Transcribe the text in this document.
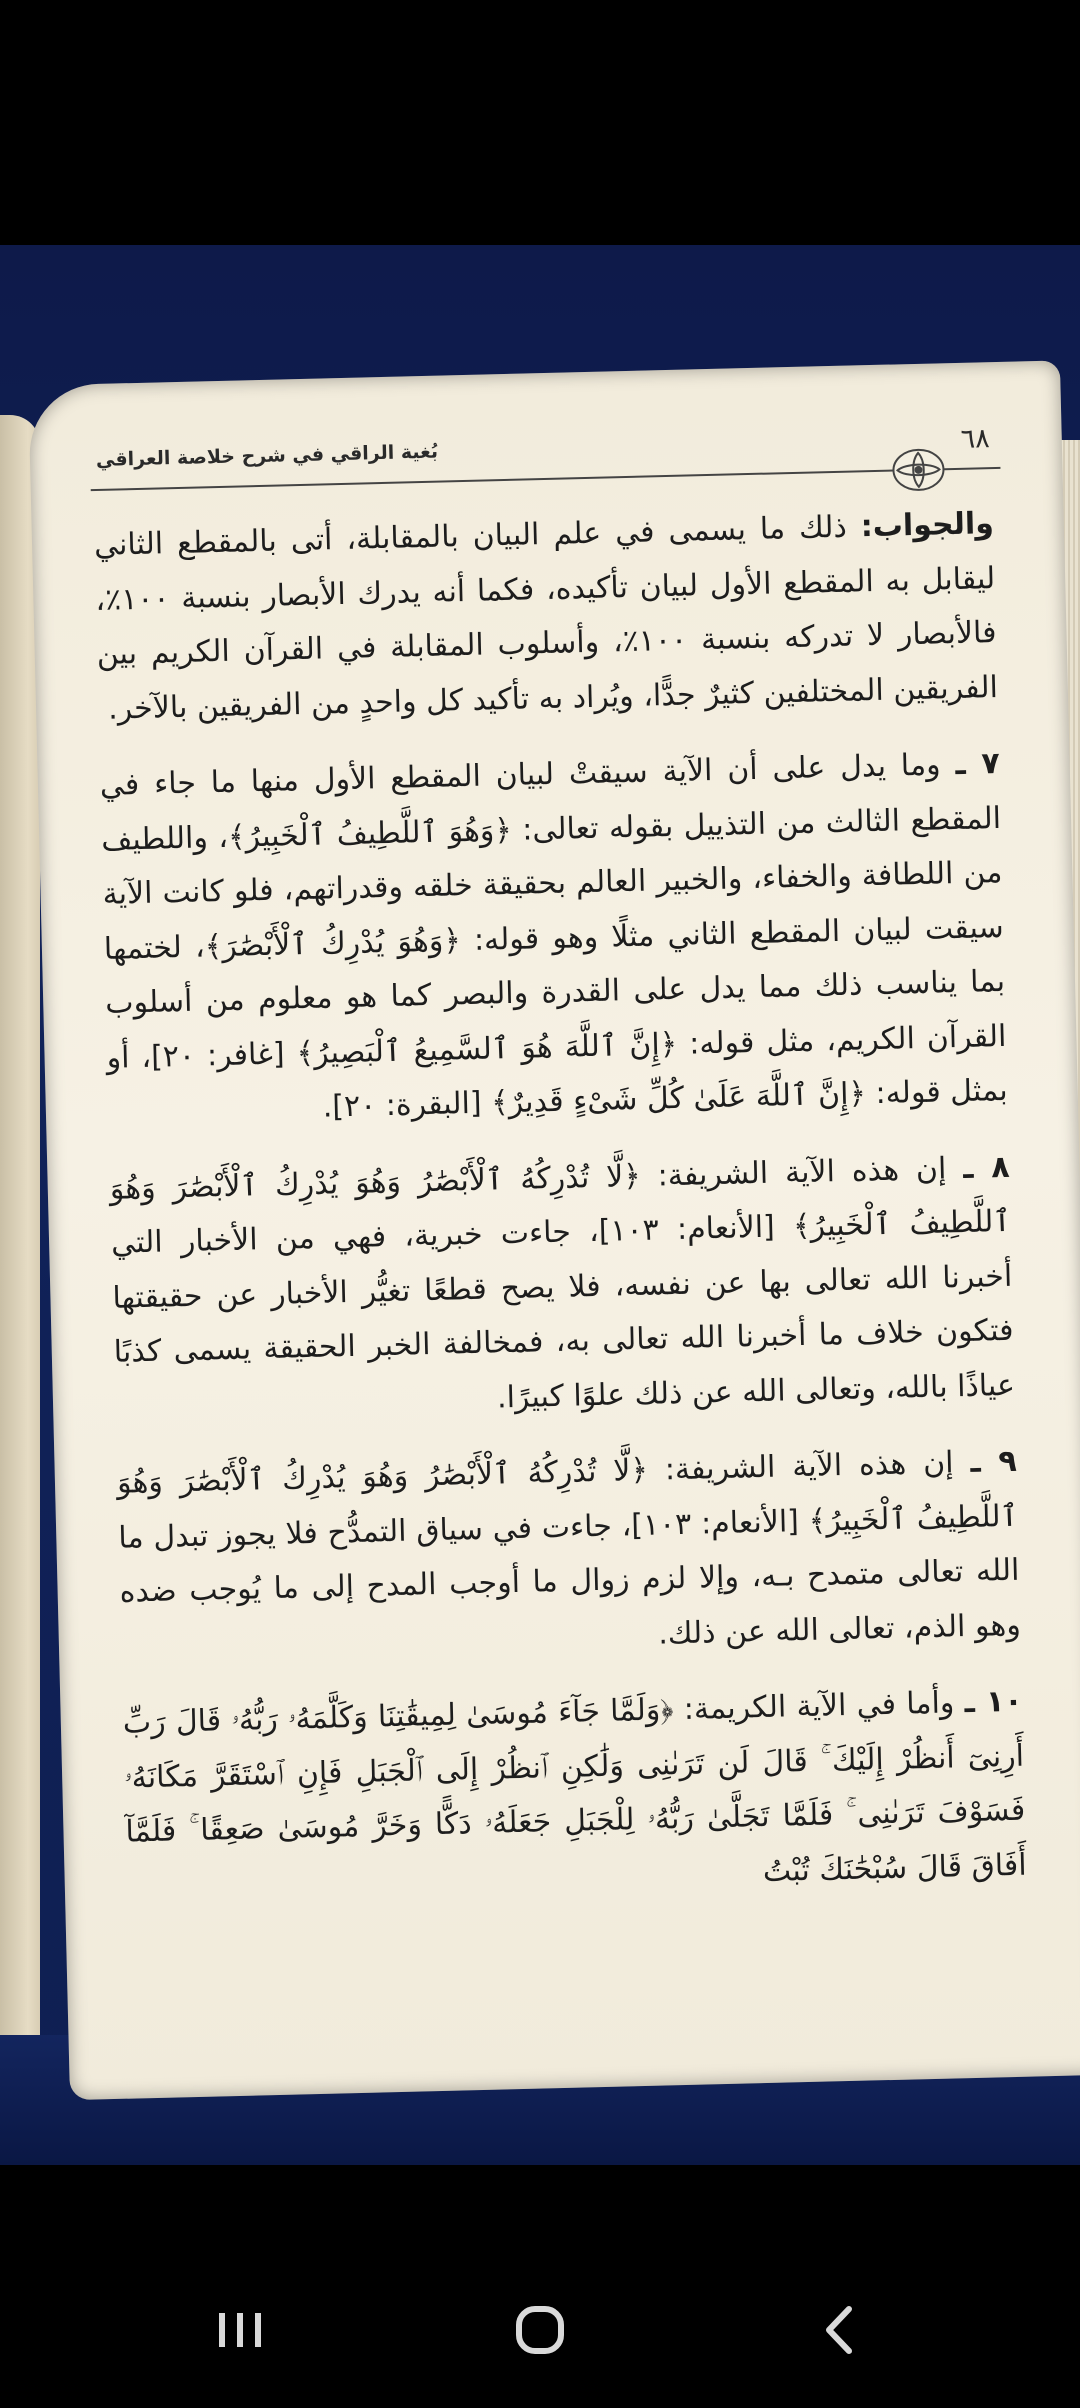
٦٨
بُغية الراقي في شرح خلاصة العراقي

والجواب: ذلك ما يسمى في علم البيان بالمقابلة، أتى بالمقطع الثاني ليقابل به المقطع الأول لبيان تأكيده، فكما أنه يدرك الأبصار بنسبة ١٠٠٪، فالأبصار لا تدركه بنسبة ١٠٠٪، وأسلوب المقابلة في القرآن الكريم بين الفريقين المختلفين كثيرٌ جدًّا، ويُراد به تأكيد كل واحدٍ من الفريقين بالآخر.

٧ ـ وما يدل على أن الآية سيقتْ لبيان المقطع الأول منها ما جاء في المقطع الثالث من التذييل بقوله تعالى: ﴿وَهُوَ ٱللَّطِيفُ ٱلْخَبِيرُ﴾، واللطيف من اللطافة والخفاء، والخبير العالم بحقيقة خلقه وقدراتهم، فلو كانت الآية سيقت لبيان المقطع الثاني مثلًا وهو قوله: ﴿وَهُوَ يُدْرِكُ ٱلْأَبْصَٰرَ﴾، لختمها بما يناسب ذلك مما يدل على القدرة والبصر كما هو معلوم من أسلوب القرآن الكريم، مثل قوله: ﴿إِنَّ ٱللَّهَ هُوَ ٱلسَّمِيعُ ٱلْبَصِيرُ﴾ [غافر: ٢٠]، أو بمثل قوله: ﴿إِنَّ ٱللَّهَ عَلَىٰ كُلِّ شَىْءٍ قَدِيرٌ﴾ [البقرة: ٢٠].

٨ ـ إن هذه الآية الشريفة: ﴿لَّا تُدْرِكُهُ ٱلْأَبْصَٰرُ وَهُوَ يُدْرِكُ ٱلْأَبْصَٰرَ وَهُوَ ٱللَّطِيفُ ٱلْخَبِيرُ﴾ [الأنعام: ١٠٣]، جاءت خبرية، فهي من الأخبار التي أخبرنا الله تعالى بها عن نفسه، فلا يصح قطعًا تغيُّر الأخبار عن حقيقتها فتكون خلاف ما أخبرنا الله تعالى به، فمخالفة الخبر الحقيقة يسمى كذبًا عياذًا بالله، وتعالى الله عن ذلك علوًا كبيرًا.

٩ ـ إن هذه الآية الشريفة: ﴿لَّا تُدْرِكُهُ ٱلْأَبْصَٰرُ وَهُوَ يُدْرِكُ ٱلْأَبْصَٰرَ وَهُوَ ٱللَّطِيفُ ٱلْخَبِيرُ﴾ [الأنعام: ١٠٣]، جاءت في سياق التمدُّح فلا يجوز تبدل ما الله تعالى متمدح بـه، وإلا لزم زوال ما أوجب المدح إلى ما يُوجب ضده وهو الذم، تعالى الله عن ذلك.

١٠ ـ وأما في الآية الكريمة: ﴿وَلَمَّا جَآءَ مُوسَىٰ لِمِيقَٰتِنَا وَكَلَّمَهُۥ رَبُّهُۥ قَالَ رَبِّ أَرِنِىٓ أَنظُرْ إِلَيْكَ ۚ قَالَ لَن تَرَىٰنِى وَلَٰكِنِ ٱنظُرْ إِلَى ٱلْجَبَلِ فَإِنِ ٱسْتَقَرَّ مَكَانَهُۥ فَسَوْفَ تَرَىٰنِى ۚ فَلَمَّا تَجَلَّىٰ رَبُّهُۥ لِلْجَبَلِ جَعَلَهُۥ دَكًّا وَخَرَّ مُوسَىٰ صَعِقًا ۚ فَلَمَّآ أَفَاقَ قَالَ سُبْحَٰنَكَ تُبْتُ
